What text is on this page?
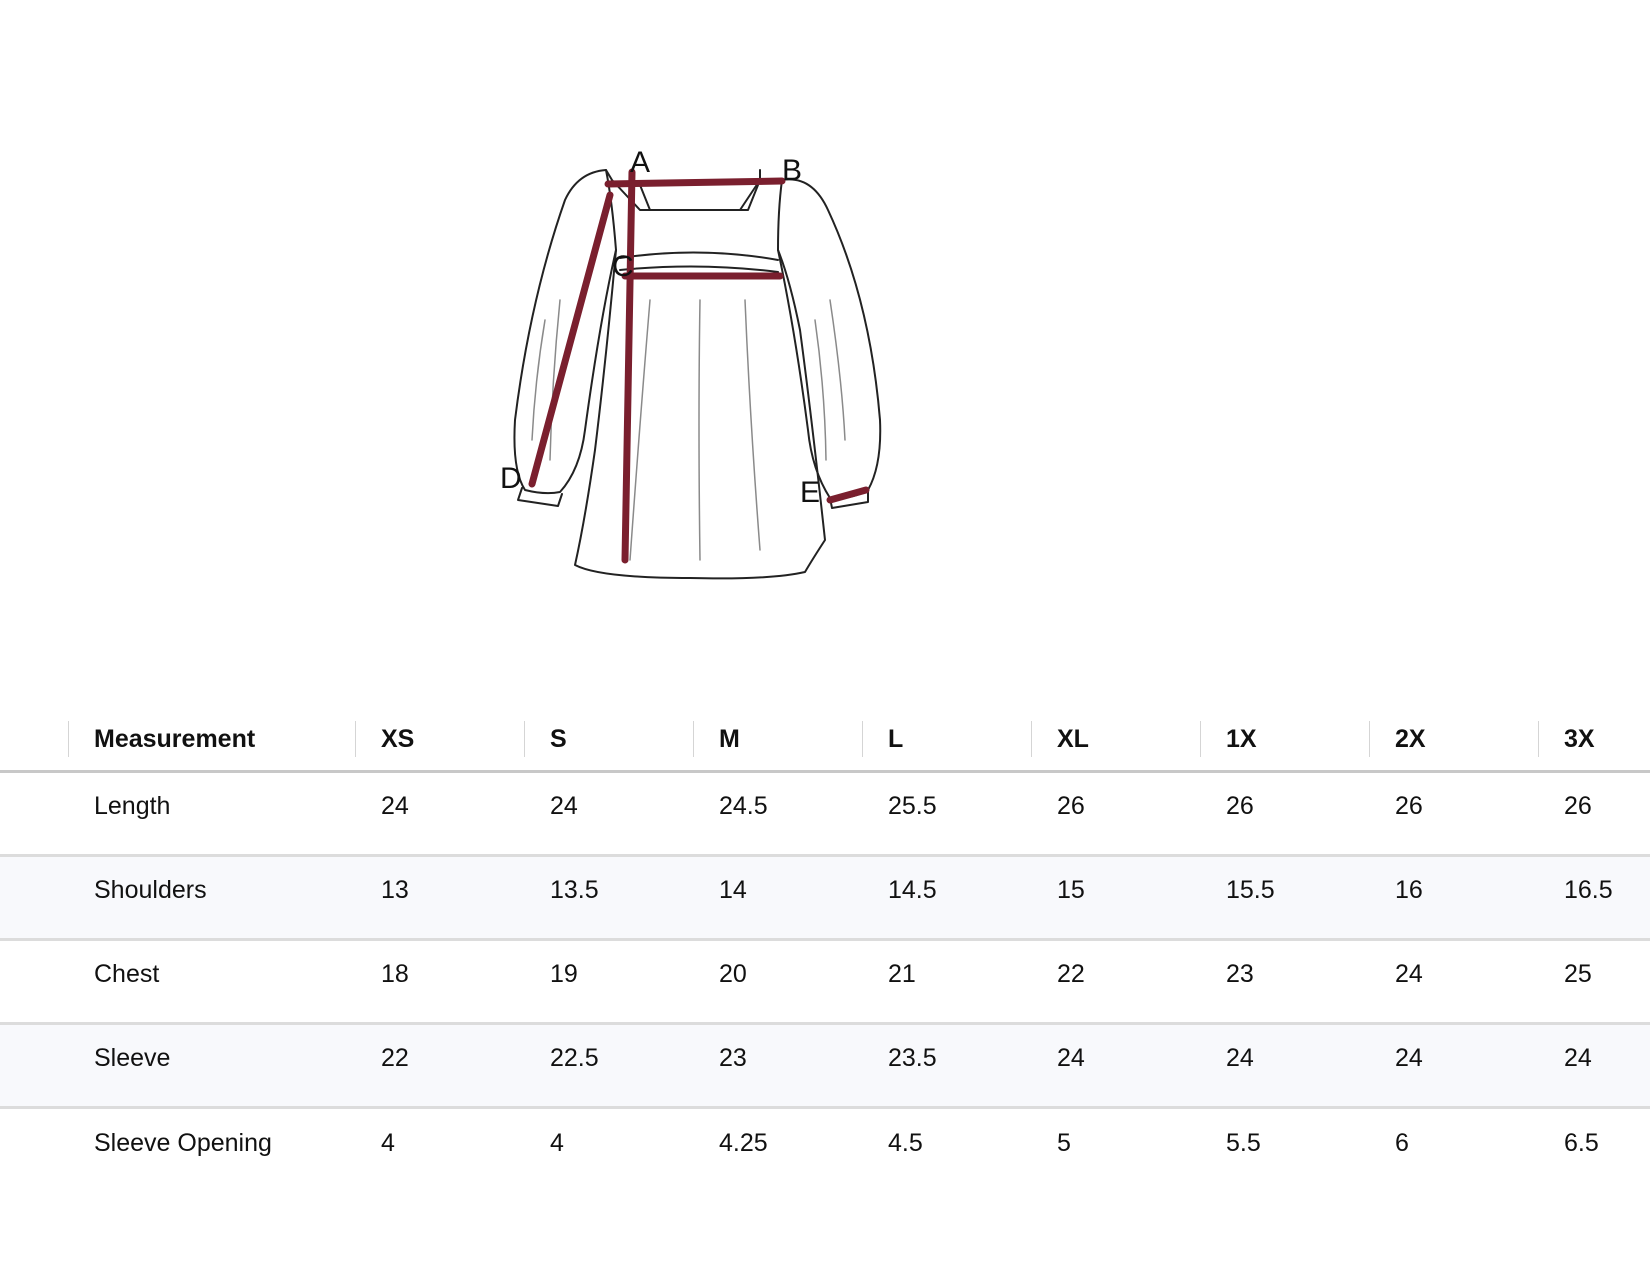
A	B
C
D	E
Measurement	XS	S	M	L	XL	1X	2X	3X
Length	24	24	24.5	25.5	26	26	26	26
Shoulders	13	13.5	14	14.5	15	15.5	16	16.5
Chest	18	19	20	21	22	23	24	25
Sleeve	22	22.5	23	23.5	24	24	24	24
Sleeve Opening	4	4	4.25	4.5	5	5.5	6	6.5
